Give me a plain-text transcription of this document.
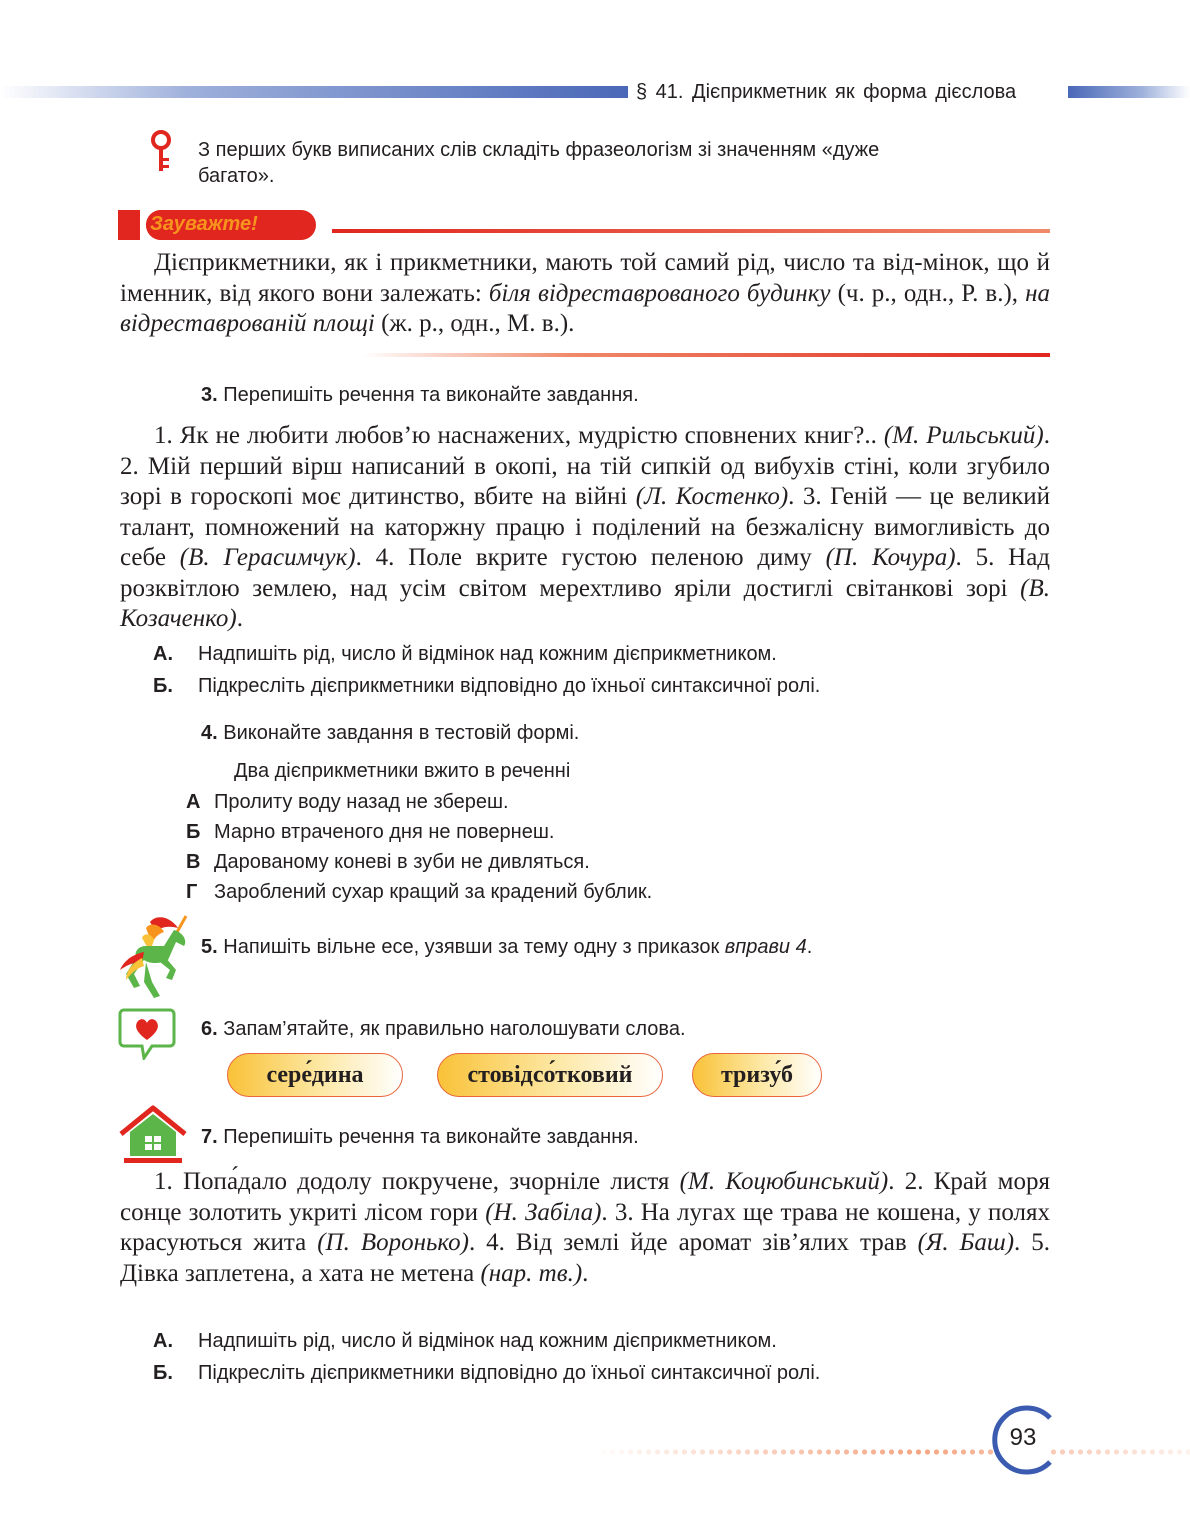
§ 41. Дієприкметник як форма дієслова
З перших букв виписаних слів складіть фразеологізм зі значенням «дуже
багато».
Зауважте!

Дієприкметники, як і прикметники, мають той самий рід, число та від-мінок, що й іменник, від якого вони залежать: біля відреставрованого будинку (ч. р., одн., Р. в.), на відреставрованій площі (ж. р., одн., М. в.).

3. Перепишіть речення та виконайте завдання.

1. Як не любити любов’ю наснажених, мудрістю сповнених книг?.. (М. Рильський). 2. Мій перший вірш написаний в окопі, на тій сипкій од вибухів стіні, коли згубило зорі в гороскопі моє дитинство, вбите на війні (Л. Костенко). 3. Геній — це великий талант, помножений на каторжну працю і поділений на безжалісну вимогливість до себе (В. Герасимчук). 4. Поле вкрите густою пеленою диму (П. Кочура). 5. Над розквітлою землею, над усім світом мерехтливо яріли достиглі світанкові зорі (В. Козаченко).

А. Надпишіть рід, число й відмінок над кожним дієприкметником.
Б. Підкресліть дієприкметники відповідно до їхньої синтаксичної ролі.
4. Виконайте завдання в тестовій формі.
Два дієприкметники вжито в реченні
А Пролиту воду назад не збереш.
Б Марно втраченого дня не повернеш.
В Дарованому коневі в зуби не дивляться.
Г Зароблений сухар кращий за крадений бублик.
5. Напишіть вільне есе, узявши за тему одну з приказок вправи 4.
6. Запам’ятайте, як правильно наголошувати слова.
сере́дина	стовідсо́тковий	тризу́б
7. Перепишіть речення та виконайте завдання.

1. Попа́дало додолу покручене, зчорніле листя (М. Коцюбинський). 2. Край моря сонце золотить укриті лісом гори (Н. Забіла). 3. На лугах ще трава не кошена, у полях красуються жита (П. Воронько). 4. Від землі йде аромат зів’ялих трав (Я. Баш). 5. Дівка заплетена, а хата не метена (нар. тв.).

А. Надпишіть рід, число й відмінок над кожним дієприкметником.
Б. Підкресліть дієприкметники відповідно до їхньої синтаксичної ролі.
93
